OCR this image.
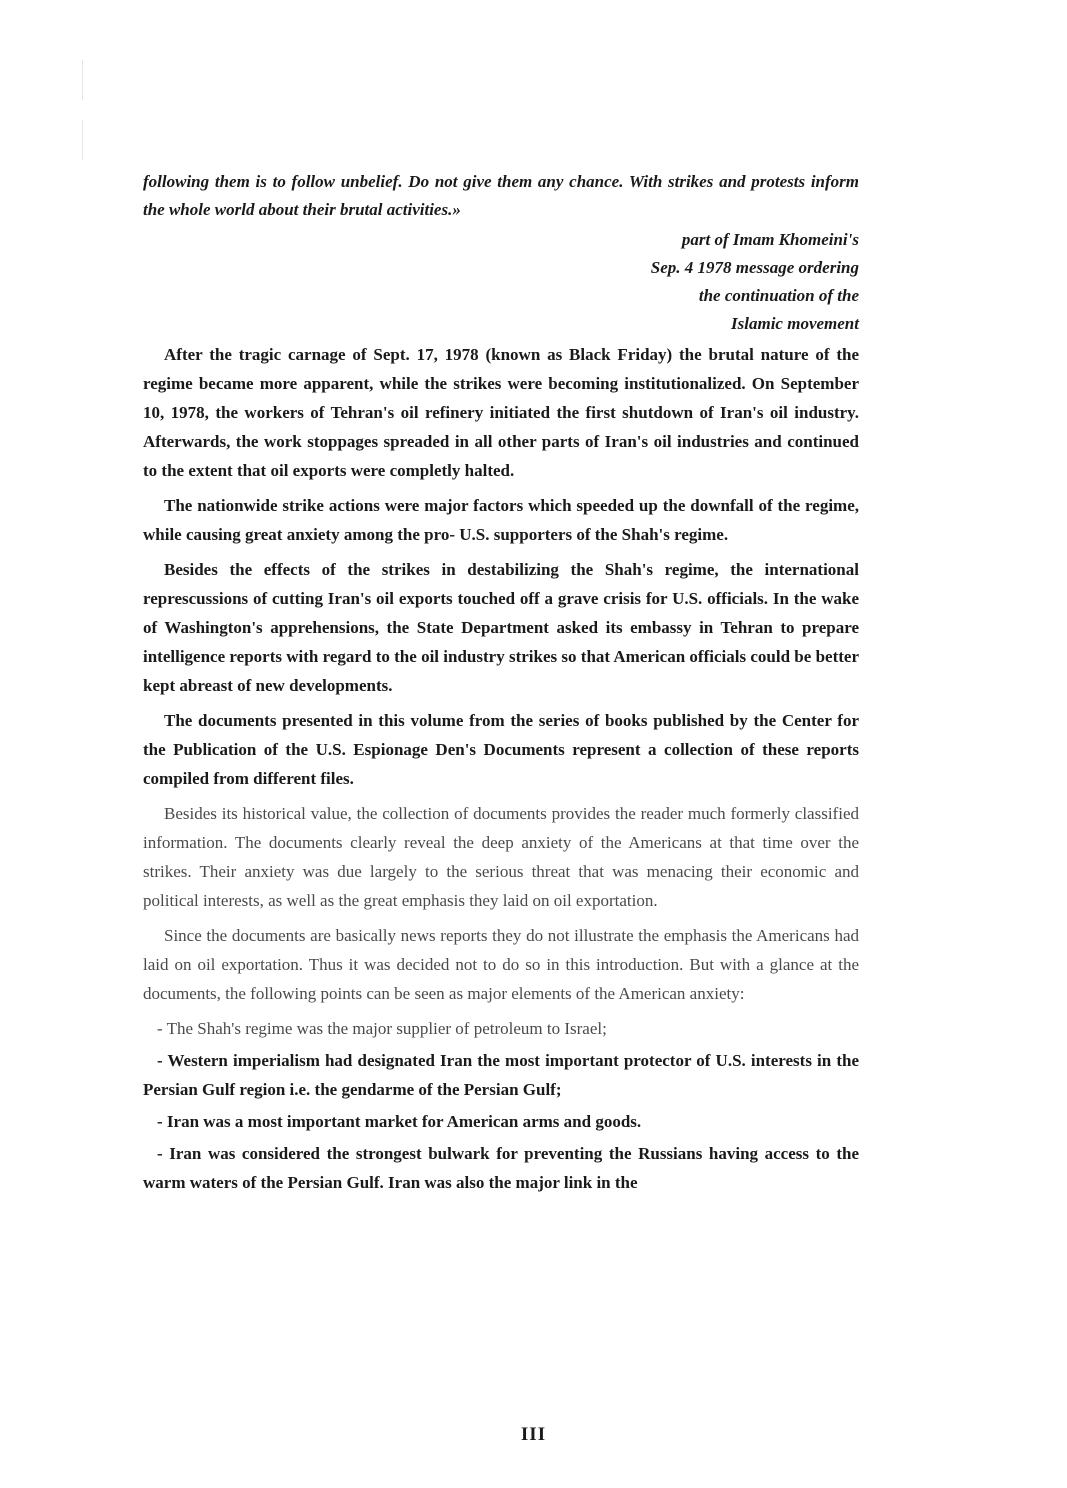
following them is to follow unbelief. Do not give them any chance. With strikes and protests inform the whole world about their brutal activities.»

part of Imam Khomeini's
Sep. 4 1978 message ordering
the continuation of the
Islamic movement

After the tragic carnage of Sept. 17, 1978 (known as Black Friday) the brutal nature of the regime became more apparent, while the strikes were becoming institutionalized. On September 10, 1978, the workers of Tehran's oil refinery initiated the first shutdown of Iran's oil industry. Afterwards, the work stoppages spreaded in all other parts of Iran's oil industries and continued to the extent that oil exports were completly halted.

The nationwide strike actions were major factors which speeded up the downfall of the regime, while causing great anxiety among the pro- U.S. supporters of the Shah's regime.

Besides the effects of the strikes in destabilizing the Shah's regime, the international represcussions of cutting Iran's oil exports touched off a grave crisis for U.S. officials. In the wake of Washington's apprehensions, the State Department asked its embassy in Tehran to prepare intelligence reports with regard to the oil industry strikes so that American officials could be better kept abreast of new developments.

The documents presented in this volume from the series of books published by the Center for the Publication of the U.S. Espionage Den's Documents represent a collection of these reports compiled from different files.

Besides its historical value, the collection of documents provides the reader much formerly classified information. The documents clearly reveal the deep anxiety of the Americans at that time over the strikes. Their anxiety was due largely to the serious threat that was menacing their economic and political interests, as well as the great emphasis they laid on oil exportation.

Since the documents are basically news reports they do not illustrate the emphasis the Americans had laid on oil exportation. Thus it was decided not to do so in this introduction. But with a glance at the documents, the following points can be seen as major elements of the American anxiety:

- The Shah's regime was the major supplier of petroleum to Israel;

- Western imperialism had designated Iran the most important protector of U.S. interests in the Persian Gulf region i.e. the gendarme of the Persian Gulf;

- Iran was a most important market for American arms and goods.

- Iran was considered the strongest bulwark for preventing the Russians having access to the warm waters of the Persian Gulf. Iran was also the major link in the

III
